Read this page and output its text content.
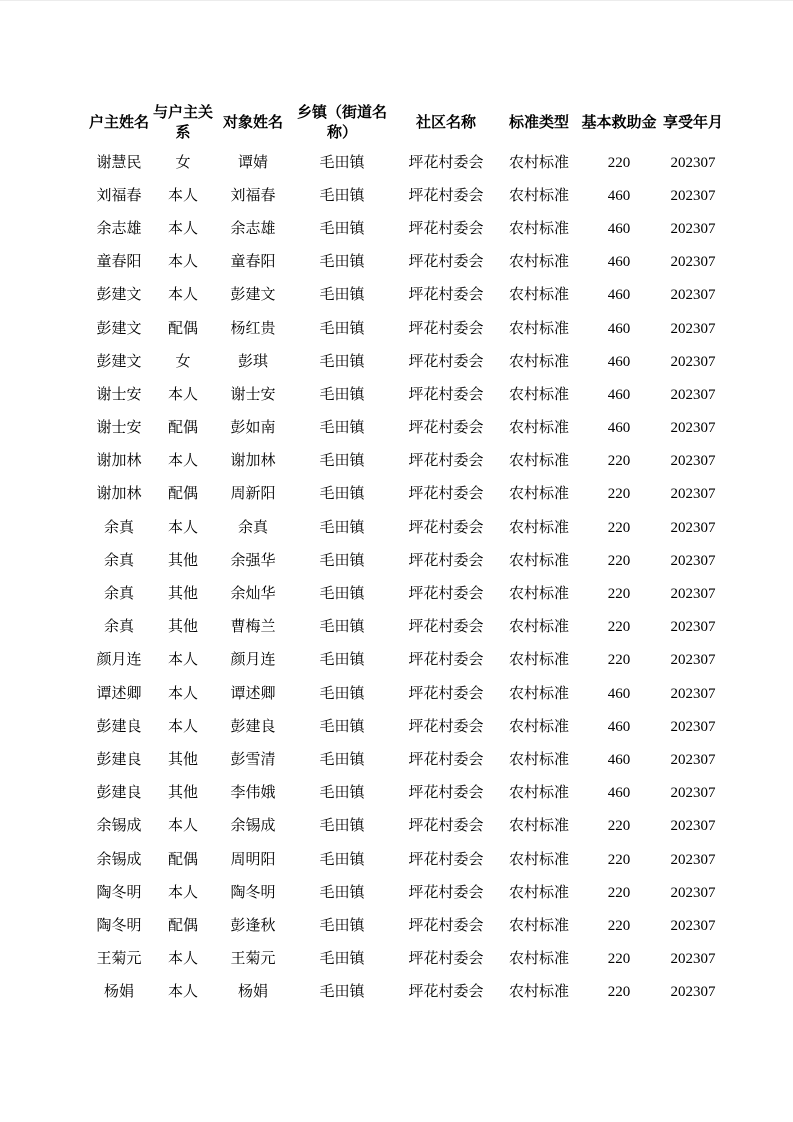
户主姓名	与户主关系	对象姓名	乡镇（街道名称）	社区名称	标准类型	基本救助金	享受年月
谢慧民	女	谭婧	毛田镇	坪花村委会	农村标准	220	202307
刘福春	本人	刘福春	毛田镇	坪花村委会	农村标准	460	202307
余志雄	本人	余志雄	毛田镇	坪花村委会	农村标准	460	202307
童春阳	本人	童春阳	毛田镇	坪花村委会	农村标准	460	202307
彭建文	本人	彭建文	毛田镇	坪花村委会	农村标准	460	202307
彭建文	配偶	杨红贵	毛田镇	坪花村委会	农村标准	460	202307
彭建文	女	彭琪	毛田镇	坪花村委会	农村标准	460	202307
谢士安	本人	谢士安	毛田镇	坪花村委会	农村标准	460	202307
谢士安	配偶	彭如南	毛田镇	坪花村委会	农村标准	460	202307
谢加林	本人	谢加林	毛田镇	坪花村委会	农村标准	220	202307
谢加林	配偶	周新阳	毛田镇	坪花村委会	农村标准	220	202307
余真	本人	余真	毛田镇	坪花村委会	农村标准	220	202307
余真	其他	余强华	毛田镇	坪花村委会	农村标准	220	202307
余真	其他	余灿华	毛田镇	坪花村委会	农村标准	220	202307
余真	其他	曹梅兰	毛田镇	坪花村委会	农村标准	220	202307
颜月连	本人	颜月连	毛田镇	坪花村委会	农村标准	220	202307
谭述卿	本人	谭述卿	毛田镇	坪花村委会	农村标准	460	202307
彭建良	本人	彭建良	毛田镇	坪花村委会	农村标准	460	202307
彭建良	其他	彭雪清	毛田镇	坪花村委会	农村标准	460	202307
彭建良	其他	李伟娥	毛田镇	坪花村委会	农村标准	460	202307
余锡成	本人	余锡成	毛田镇	坪花村委会	农村标准	220	202307
余锡成	配偶	周明阳	毛田镇	坪花村委会	农村标准	220	202307
陶冬明	本人	陶冬明	毛田镇	坪花村委会	农村标准	220	202307
陶冬明	配偶	彭逢秋	毛田镇	坪花村委会	农村标准	220	202307
王菊元	本人	王菊元	毛田镇	坪花村委会	农村标准	220	202307
杨娟	本人	杨娟	毛田镇	坪花村委会	农村标准	220	202307
